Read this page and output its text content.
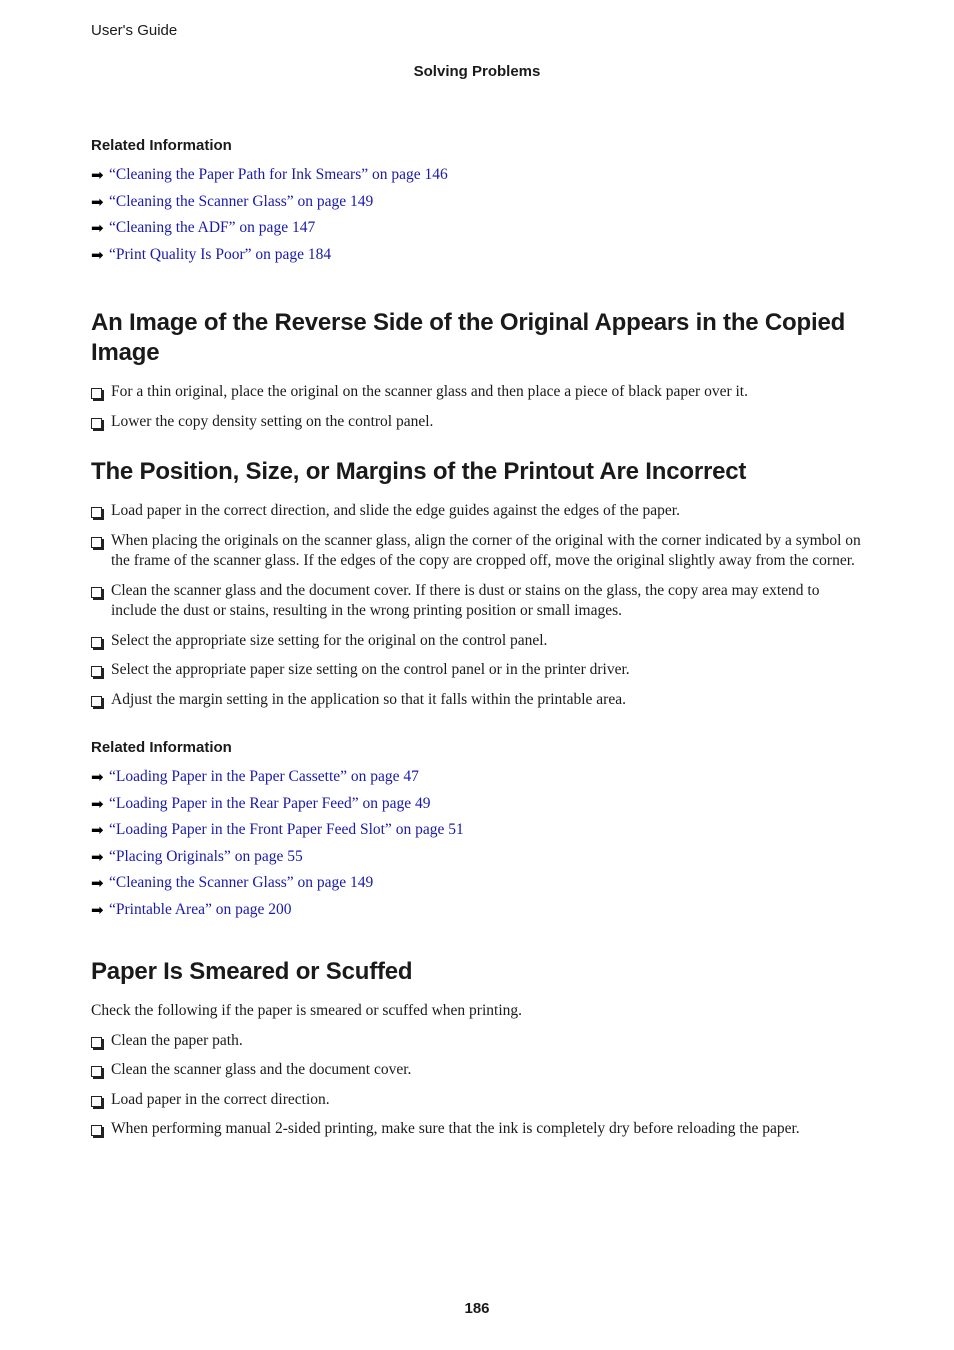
User's Guide
Solving Problems
Related Information
➡ “Cleaning the Paper Path for Ink Smears” on page 146
➡ “Cleaning the Scanner Glass” on page 149
➡ “Cleaning the ADF” on page 147
➡ “Print Quality Is Poor” on page 184
An Image of the Reverse Side of the Original Appears in the Copied Image
For a thin original, place the original on the scanner glass and then place a piece of black paper over it.
Lower the copy density setting on the control panel.
The Position, Size, or Margins of the Printout Are Incorrect
Load paper in the correct direction, and slide the edge guides against the edges of the paper.
When placing the originals on the scanner glass, align the corner of the original with the corner indicated by a symbol on the frame of the scanner glass. If the edges of the copy are cropped off, move the original slightly away from the corner.
Clean the scanner glass and the document cover. If there is dust or stains on the glass, the copy area may extend to include the dust or stains, resulting in the wrong printing position or small images.
Select the appropriate size setting for the original on the control panel.
Select the appropriate paper size setting on the control panel or in the printer driver.
Adjust the margin setting in the application so that it falls within the printable area.
Related Information
➡ “Loading Paper in the Paper Cassette” on page 47
➡ “Loading Paper in the Rear Paper Feed” on page 49
➡ “Loading Paper in the Front Paper Feed Slot” on page 51
➡ “Placing Originals” on page 55
➡ “Cleaning the Scanner Glass” on page 149
➡ “Printable Area” on page 200
Paper Is Smeared or Scuffed

Check the following if the paper is smeared or scuffed when printing.

Clean the paper path.
Clean the scanner glass and the document cover.
Load paper in the correct direction.
When performing manual 2-sided printing, make sure that the ink is completely dry before reloading the paper.
186
